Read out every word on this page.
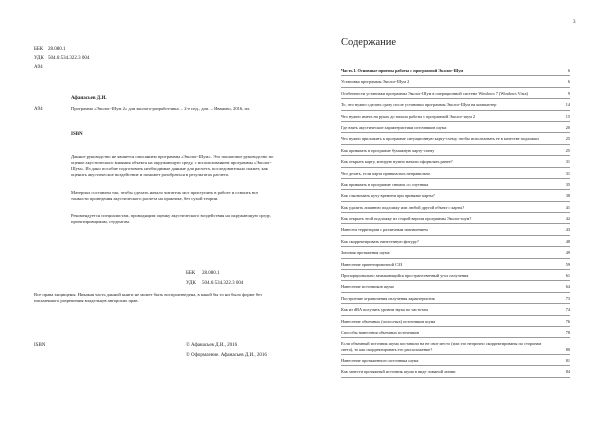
ББК 28.080.1
УДК 504.6:534.322.3 004
А94
Афанасьев Д.И.
А94	Программа «Эколог-Шум 2» для эколога-разработчика. – 2-е изд., доп. – Иваново, 2016, ил.
ISBN
Данное руководство не является описанием программы «Эколог-Шум». Это пошаговое руководство по оценке акустического влияния объекта на окружающую среду, с использованием программы «Эколог-Шум». Из дано пособие подготовить необходимые данные для расчета, последовательно скажет, как оценить акустическое воздействие и поможет разобраться в результатах расчета.
Материал составлен так, чтобы сделать начало читатель мог приступить в работе и освоить все тонкости проведения акустического расчета на практике, без сухой теории.
Рекомендуется специалистам, проводящим оценку акустического воздействия на окружающую среду, проектировщикам, студентам.
ББК 28.080.1
УДК 504.6:534.322.3 004
Все права защищены. Никакая часть данной книги не может быть воспроизведена, в какой бы то ни было форме без письменного разрешения владельцев авторских прав.
ISBN	© Афанасьев Д.И., 2016
© Оформление. Афанасьев Д.И., 2016
3
Содержание
Часть I. Основные приемы работы с программой Эколог-Шум	6
Установка программы Эколог-Шум 2	6
Особенности установки программы Эколог-Шум в операционной системе Windows 7 (Windows Vista)	9
То, что нужно сделать сразу после установки программы Эколог-Шум на компьютер	14
Что нужно иметь на руках до начала работы с программой Эколог-шум 2	15
Где взять акустические характеристики источников шума	20
Что нужно приложить к программе ситуационную карту-схему, чтобы использовать ее в качестве подложки	25
Как привязать в программе бумажную карту-схему	25
Как открыть карту, которую нужно начали оформлять ранее?	31
Что делать, если карта привязалась неправильно	31
Как привязать в программе снимок со спутника	35
Как сэкономить кучу времени при привязке карты?	38
Как удалить лишнюю подложку или любой другой объект с карты?	41
Как открыть этой подложку из старой версии программы Эколог-шум?	42
Нанесем территории с различным назначением	43
Как скорректировать нанесенную фигуру?	48
Зоновая протяжения шума	49
Нанесение ориентировочной СЗЗ	59
Пропорционально замыкающийся пространственный угол излучения	61
Нанесение источников шума	64
Построение ограничения излучения характеристик	73
Как из dBA получить уровни звука по частотам	74
Нанесение объемных (полосных) источников шума	76
Способы нанесения объемных источников	78
Если объемный источник шума поставили на не свое место (или это непрочно скорректированы по сторонам света), то как скорректировать его расположение?	80
Нанесение протяженного источника шума	81
Как занести протяжный источник шума в виде ломаной линии	84
